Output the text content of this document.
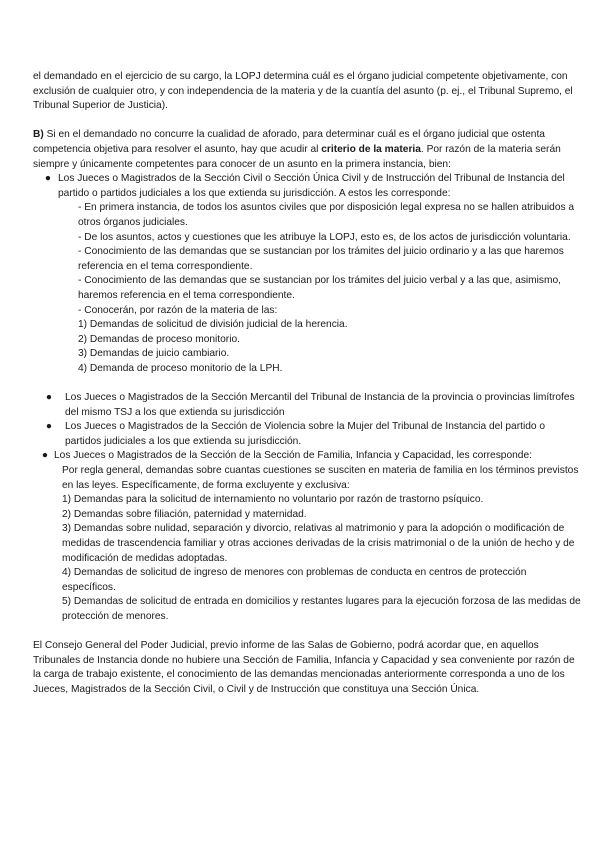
el demandado en el ejercicio de su cargo, la LOPJ determina cuál es el órgano judicial competente objetivamente, con exclusión de cualquier otro, y con independencia de la materia y de la cuantía del asunto (p. ej., el Tribunal Supremo, el Tribunal Superior de Justicia).

B) Si en el demandado no concurre la cualidad de aforado, para determinar cuál es el órgano judicial que ostenta competencia objetiva para resolver el asunto, hay que acudir al criterio de la materia. Por razón de la materia serán siempre y únicamente competentes para conocer de un asunto en la primera instancia, bien:

● Los Jueces o Magistrados de la Sección Civil o Sección Única Civil y de Instrucción del Tribunal de Instancia del partido o partidos judiciales a los que extienda su jurisdicción. A estos les corresponde:

- En primera instancia, de todos los asuntos civiles que por disposición legal expresa no se hallen atribuidos a otros órganos judiciales.

- De los asuntos, actos y cuestiones que les atribuye la LOPJ, esto es, de los actos de jurisdicción voluntaria.

- Conocimiento de las demandas que se sustancian por los trámites del juicio ordinario y a las que haremos referencia en el tema correspondiente.

- Conocimiento de las demandas que se sustancian por los trámites del juicio verbal y a las que, asimismo, haremos referencia en el tema correspondiente.

- Conocerán, por razón de la materia de las:

1) Demandas de solicitud de división judicial de la herencia.

2) Demandas de proceso monitorio.

3) Demandas de juicio cambiario.

4) Demanda de proceso monitorio de la LPH.

● Los Jueces o Magistrados de la Sección Mercantil del Tribunal de Instancia de la provincia o provincias limítrofes del mismo TSJ a los que extienda su jurisdicción

● Los Jueces o Magistrados de la Sección de Violencia sobre la Mujer del Tribunal de Instancia del partido o partidos judiciales a los que extienda su jurisdicción.

● Los Jueces o Magistrados de la Sección de la Sección de Familia, Infancia y Capacidad, les corresponde:

Por regla general, demandas sobre cuantas cuestiones se susciten en materia de familia en los términos previstos en las leyes. Específicamente, de forma excluyente y exclusiva:

1) Demandas para la solicitud de internamiento no voluntario por razón de trastorno psíquico.

2) Demandas sobre filiación, paternidad y maternidad.

3) Demandas sobre nulidad, separación y divorcio, relativas al matrimonio y para la adopción o modificación de medidas de trascendencia familiar y otras acciones derivadas de la crisis matrimonial o de la unión de hecho y de modificación de medidas adoptadas.

4) Demandas de solicitud de ingreso de menores con problemas de conducta en centros de protección específicos.

5) Demandas de solicitud de entrada en domicilios y restantes lugares para la ejecución forzosa de las medidas de protección de menores.

El Consejo General del Poder Judicial, previo informe de las Salas de Gobierno, podrá acordar que, en aquellos Tribunales de Instancia donde no hubiere una Sección de Familia, Infancia y Capacidad y sea conveniente por razón de la carga de trabajo existente, el conocimiento de las demandas mencionadas anteriormente corresponda a uno de los Jueces, Magistrados de la Sección Civil, o Civil y de Instrucción que constituya una Sección Única.
